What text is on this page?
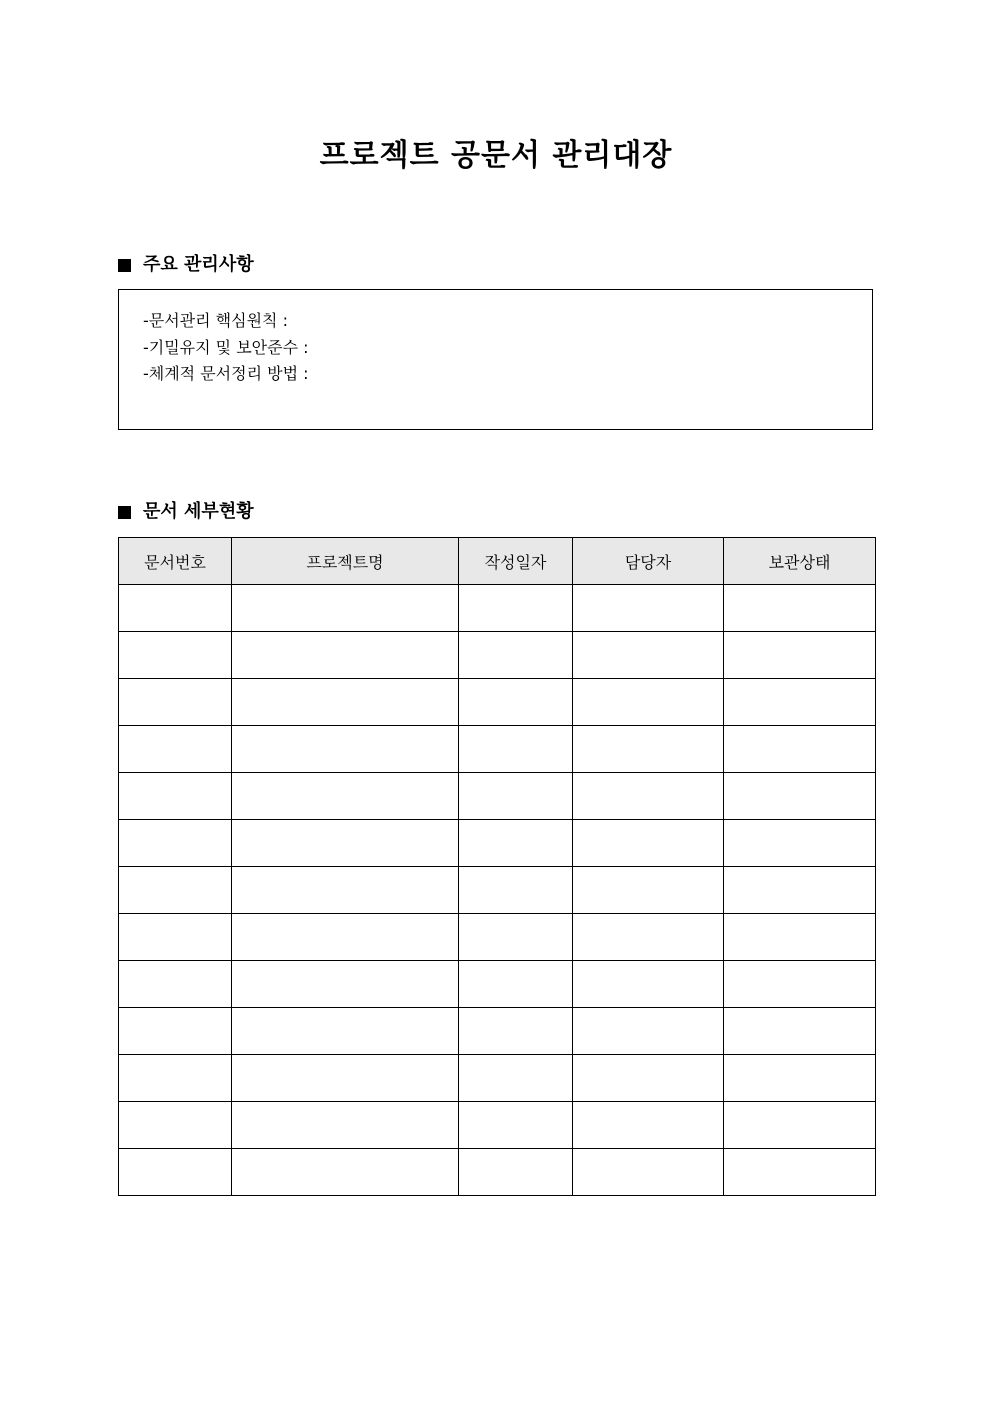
프로젝트 공문서 관리대장
주요 관리사항
-문서관리 핵심원칙 :
-기밀유지 및 보안준수 :
-체계적 문서정리 방법 :
문서 세부현황
문서번호	프로젝트명	작성일자	담당자	보관상태
